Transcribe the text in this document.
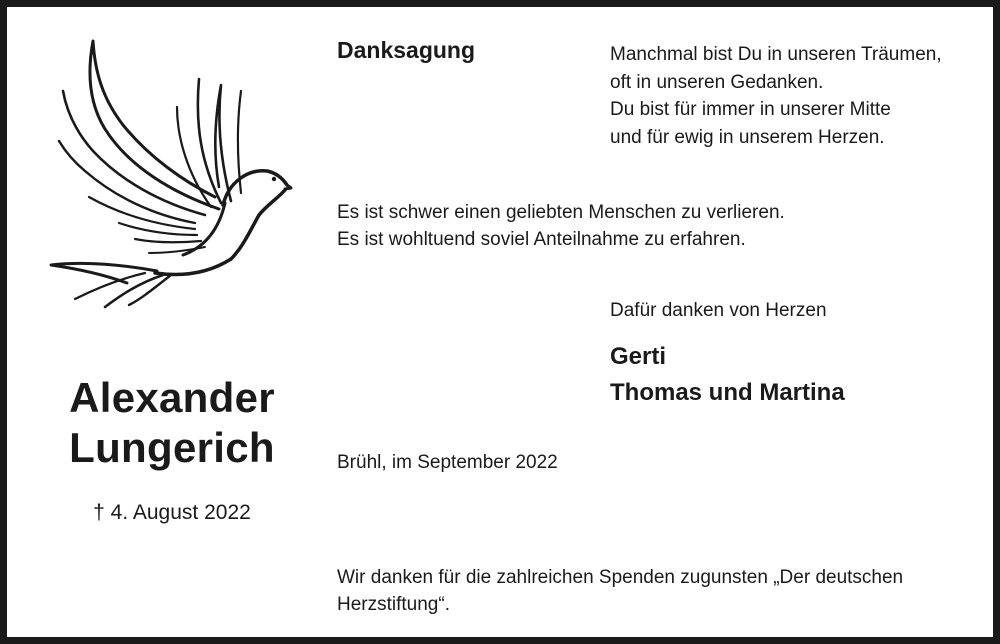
Alexander
Lungerich
† 4. August 2022
Danksagung	Manchmal bist Du in unseren Träumen,
oft in unseren Gedanken.
Du bist für immer in unserer Mitte
und für ewig in unserem Herzen.
Es ist schwer einen geliebten Menschen zu verlieren.
Es ist wohltuend soviel Anteilnahme zu erfahren.
Dafür danken von Herzen
Gerti
Thomas und Martina
Brühl, im September 2022
Wir danken für die zahlreichen Spenden zugunsten „Der deutschen Herzstiftung“.
